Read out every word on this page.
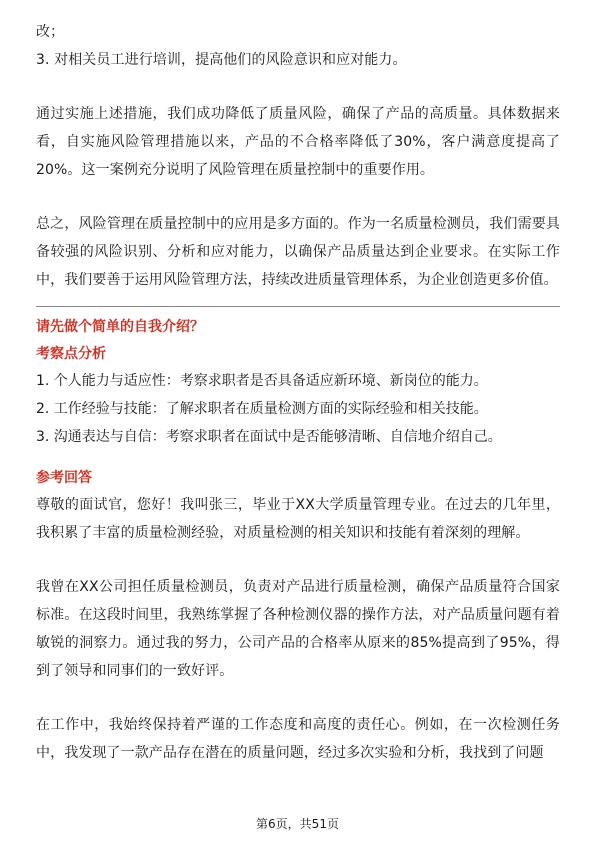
改；

3. 对相关员工进行培训，提高他们的风险意识和应对能力。

通过实施上述措施，我们成功降低了质量风险，确保了产品的高质量。具体数据来看，自实施风险管理措施以来，产品的不合格率降低了30%，客户满意度提高了20%。这一案例充分说明了风险管理在质量控制中的重要作用。

总之，风险管理在质量控制中的应用是多方面的。作为一名质量检测员，我们需要具备较强的风险识别、分析和应对能力，以确保产品质量达到企业要求。在实际工作中，我们要善于运用风险管理方法，持续改进质量管理体系，为企业创造更多价值。

请先做个简单的自我介绍？
考察点分析
1. 个人能力与适应性：考察求职者是否具备适应新环境、新岗位的能力。
2. 工作经验与技能：了解求职者在质量检测方面的实际经验和相关技能。
3. 沟通表达与自信：考察求职者在面试中是否能够清晰、自信地介绍自己。
参考回答

尊敬的面试官，您好！我叫张三，毕业于XX大学质量管理专业。在过去的几年里，我积累了丰富的质量检测经验，对质量检测的相关知识和技能有着深刻的理解。

我曾在XX公司担任质量检测员，负责对产品进行质量检测，确保产品质量符合国家标准。在这段时间里，我熟练掌握了各种检测仪器的操作方法，对产品质量问题有着敏锐的洞察力。通过我的努力，公司产品的合格率从原来的85%提高到了95%，得到了领导和同事们的一致好评。

在工作中，我始终保持着严谨的工作态度和高度的责任心。例如，在一次检测任务中，我发现了一款产品存在潜在的质量问题，经过多次实验和分析，我找到了问题

第6页，共51页
